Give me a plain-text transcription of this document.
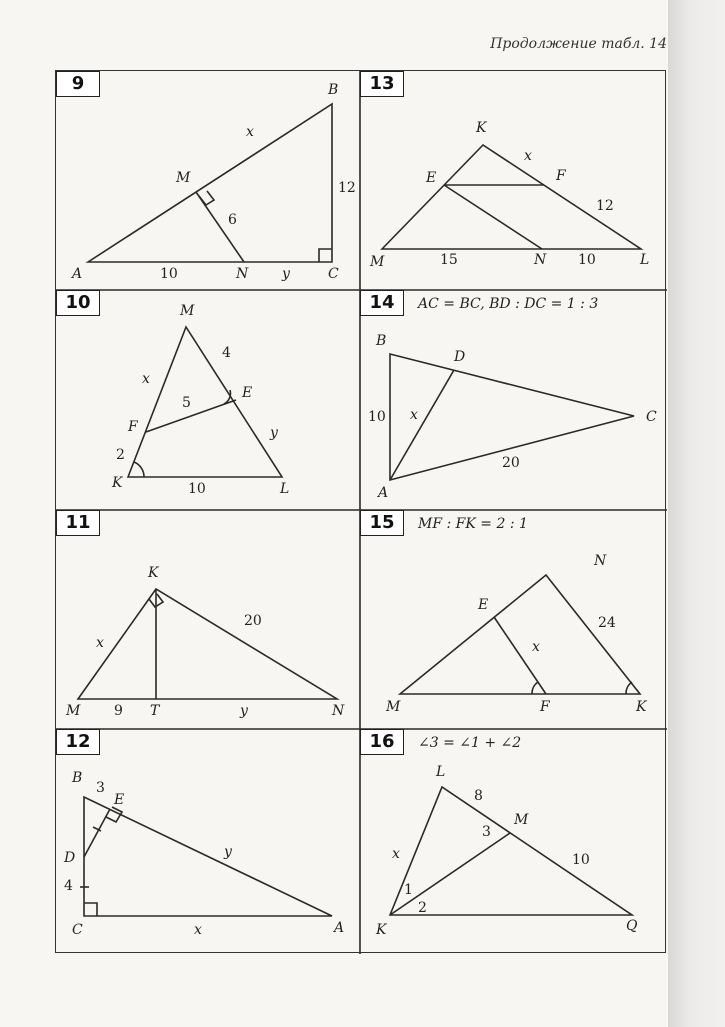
Продолжение табл. 14
9
A
B
C
M
N
x
6
12
10	y
13
K
E	F
M	N	L
x
12
15	10
10	M
E
F
K	L
x
4
5
y
2
10
14	AC = BC, BD : DC = 1 : 3
B
D
C
A
10 x
20
11
K
M	T	N
x
20
9	y
15	MF : FK = 2 : 1
N
E
M	F	K
x
24
12
B
E
D
C	A
3
y
4
x
16	∠3 = ∠1 + ∠2
L
M
K	Q
8
3
x	10
1
2
